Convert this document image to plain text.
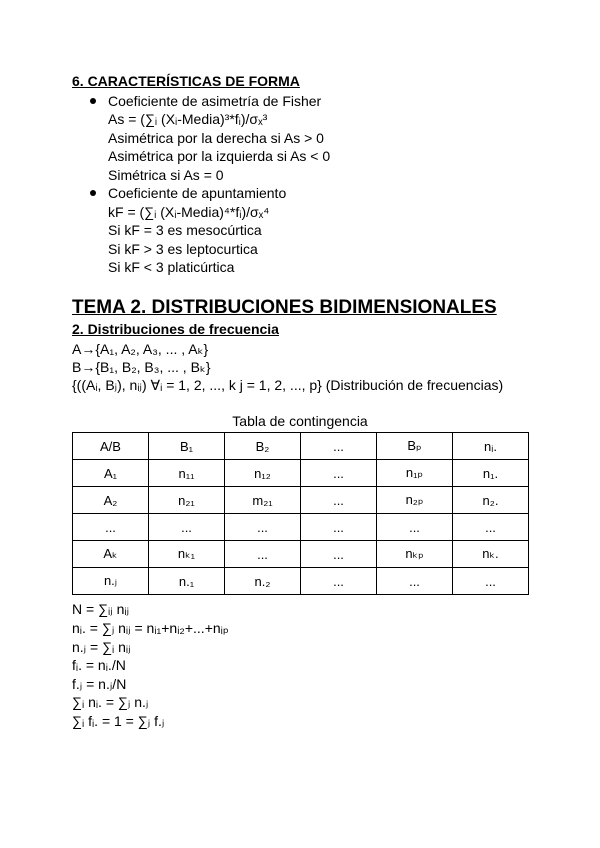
6. CARACTERÍSTICAS DE FORMA
Coeficiente de asimetría de Fisher
As = (∑ᵢ (Xᵢ-Media)³*fᵢ)/σₓ³
Asimétrica por la derecha si As > 0
Asimétrica por la izquierda si As < 0
Simétrica si As = 0
Coeficiente de apuntamiento
kF = (∑ᵢ (Xᵢ-Media)⁴*fᵢ)/σₓ⁴
Si kF = 3 es mesocúrtica
Si kF > 3 es leptocurtica
Si kF < 3 platicúrtica
TEMA 2. DISTRIBUCIONES BIDIMENSIONALES
2. Distribuciones de frecuencia
A→{A₁, A₂, A₃, ... , Aₖ}
B→{B₁, B₂, B₃, ... , Bₖ}
{((Aᵢ, Bⱼ), nᵢⱼ) ∀ᵢ = 1, 2, ..., k j = 1, 2, ..., p} (Distribución de frecuencias)
Tabla de contingencia
A/B	B₁	B₂	...	Bₚ	nᵢ.
A₁	n₁₁	n₁₂	...	n₁ₚ	n₁.
A₂	n₂₁	m₂₁	...	n₂ₚ	n₂.
...	...	...	...	...	...
Aₖ	nₖ₁	...	...	nₖₚ	nₖ.
n.ⱼ	n.₁	n.₂	...	...	...
N = ∑ᵢⱼ nᵢⱼ
nᵢ. = ∑ⱼ nᵢⱼ = nᵢ₁+nᵢ₂+...+nᵢₚ
n.ⱼ = ∑ᵢ nᵢⱼ
fᵢ. = nᵢ./N
f.ⱼ = n.ⱼ/N
∑ᵢ nᵢ. = ∑ⱼ n.ⱼ
∑ᵢ fᵢ. = 1 = ∑ⱼ f.ⱼ
